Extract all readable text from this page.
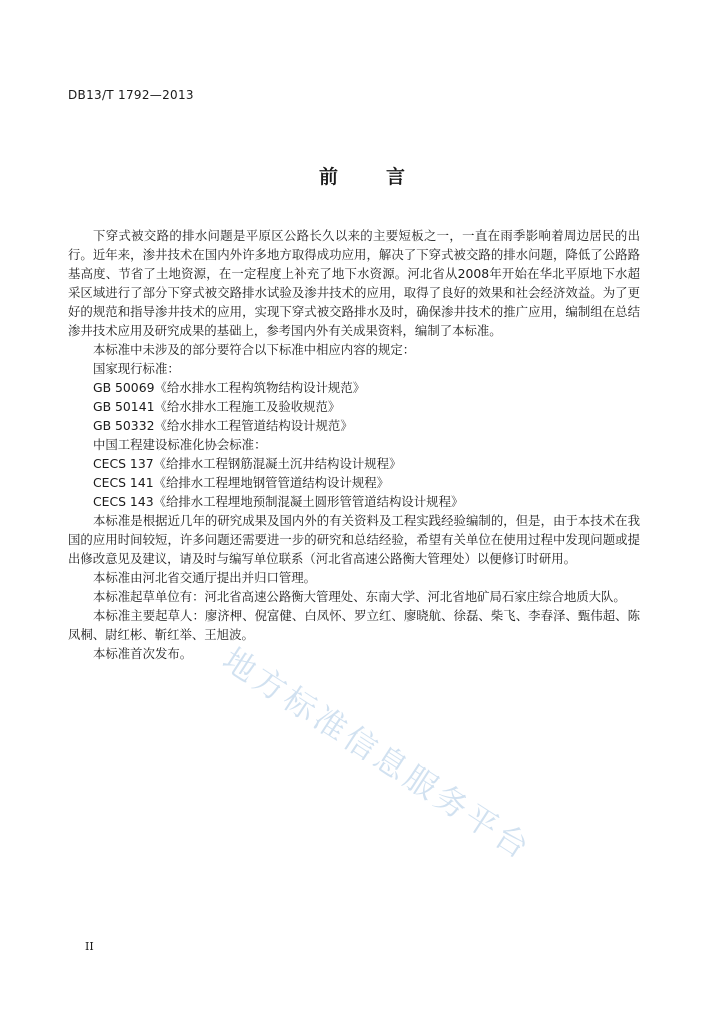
DB13/T 1792—2013
前	言

下穿式被交路的排水问题是平原区公路长久以来的主要短板之一，一直在雨季影响着周边居民的出行。近年来，渗井技术在国内外许多地方取得成功应用，解决了下穿式被交路的排水问题，降低了公路路基高度、节省了土地资源，在一定程度上补充了地下水资源。河北省从2008年开始在华北平原地下水超采区域进行了部分下穿式被交路排水试验及渗井技术的应用，取得了良好的效果和社会经济效益。为了更好的规范和指导渗井技术的应用，实现下穿式被交路排水及时，确保渗井技术的推广应用，编制组在总结渗井技术应用及研究成果的基础上，参考国内外有关成果资料，编制了本标准。

本标准中未涉及的部分要符合以下标准中相应内容的规定：

国家现行标准：

GB 50069《给水排水工程构筑物结构设计规范》

GB 50141《给水排水工程施工及验收规范》

GB 50332《给水排水工程管道结构设计规范》

中国工程建设标准化协会标准：

CECS 137《给排水工程钢筋混凝土沉井结构设计规程》

CECS 141《给排水工程埋地钢管管道结构设计规程》

CECS 143《给排水工程埋地预制混凝土圆形管管道结构设计规程》

本标准是根据近几年的研究成果及国内外的有关资料及工程实践经验编制的，但是，由于本技术在我国的应用时间较短，许多问题还需要进一步的研究和总结经验，希望有关单位在使用过程中发现问题或提出修改意见及建议，请及时与编写单位联系（河北省高速公路衡大管理处）以便修订时研用。

本标准由河北省交通厅提出并归口管理。

本标准起草单位有：河北省高速公路衡大管理处、东南大学、河北省地矿局石家庄综合地质大队。

本标准主要起草人：廖济柙、倪富健、白凤怀、罗立红、廖晓航、徐磊、柴飞、李春泽、甄伟超、陈凤桐、尉红彬、靳红举、王旭波。

本标准首次发布。

II
地方标准信息服务平台
